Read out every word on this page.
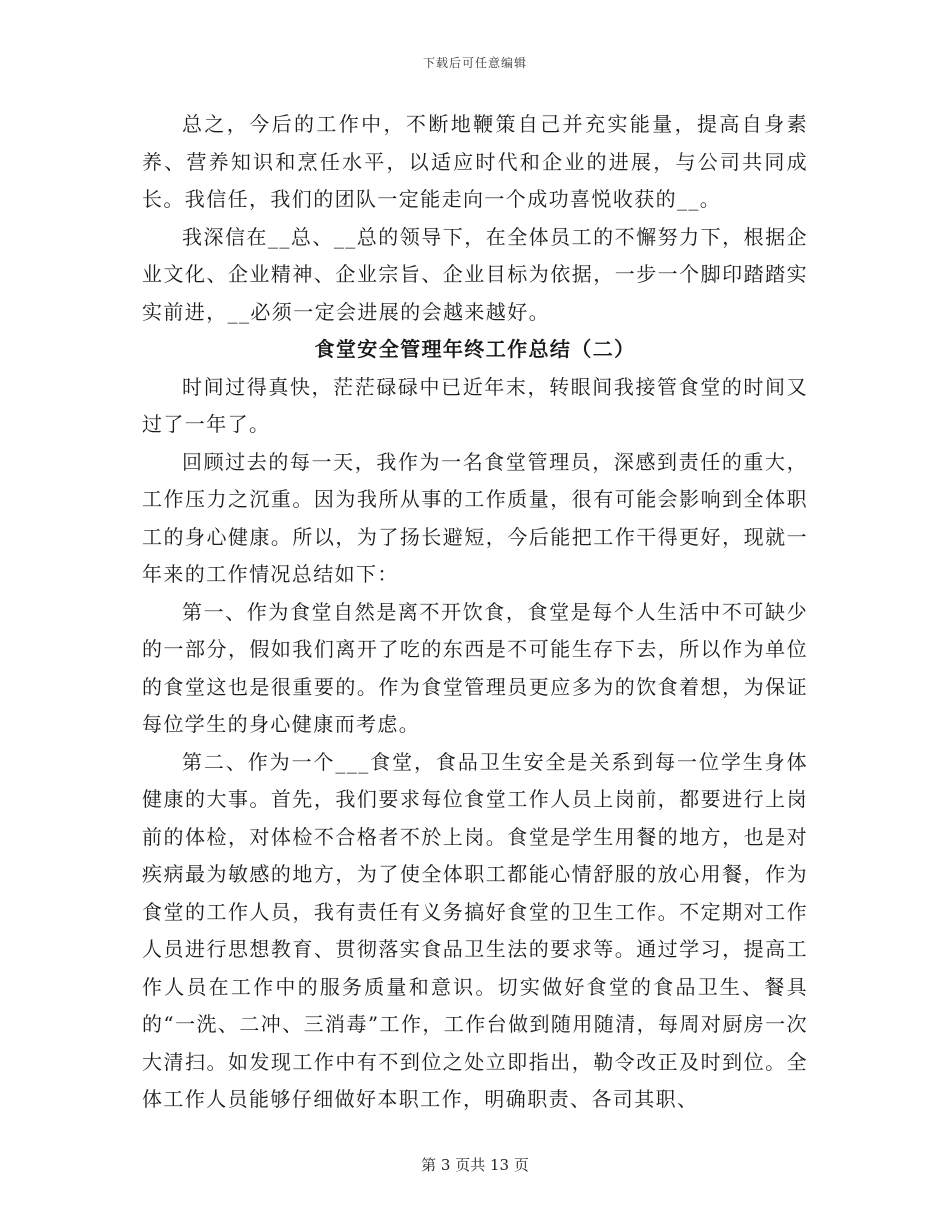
下载后可任意编辑

总之，今后的工作中，不断地鞭策自己并充实能量，提高自身素养、营养知识和烹任水平，以适应时代和企业的进展，与公司共同成长。我信任，我们的团队一定能走向一个成功喜悦收获的__。

我深信在__总、__总的领导下，在全体员工的不懈努力下，根据企业文化、企业精神、企业宗旨、企业目标为依据，一步一个脚印踏踏实实前进，__必须一定会进展的会越来越好。

食堂安全管理年终工作总结（二）

时间过得真快，茫茫碌碌中已近年末，转眼间我接管食堂的时间又过了一年了。

回顾过去的每一天，我作为一名食堂管理员，深感到责任的重大，工作压力之沉重。因为我所从事的工作质量，很有可能会影响到全体职工的身心健康。所以，为了扬长避短，今后能把工作干得更好，现就一年来的工作情况总结如下：

第一、作为食堂自然是离不开饮食，食堂是每个人生活中不可缺少的一部分，假如我们离开了吃的东西是不可能生存下去，所以作为单位的食堂这也是很重要的。作为食堂管理员更应多为的饮食着想，为保证每位学生的身心健康而考虑。

第二、作为一个___食堂，食品卫生安全是关系到每一位学生身体健康的大事。首先，我们要求每位食堂工作人员上岗前，都要进行上岗前的体检，对体检不合格者不於上岗。食堂是学生用餐的地方，也是对疾病最为敏感的地方，为了使全体职工都能心情舒服的放心用餐，作为食堂的工作人员，我有责任有义务搞好食堂的卫生工作。不定期对工作人员进行思想教育、贯彻落实食品卫生法的要求等。通过学习，提高工作人员在工作中的服务质量和意识。切实做好食堂的食品卫生、餐具的“一洗、二冲、三消毒”工作，工作台做到随用随清，每周对厨房一次大清扫。如发现工作中有不到位之处立即指出，勒令改正及时到位。全体工作人员能够仔细做好本职工作，明确职责、各司其职、

第 3 页共 13 页
